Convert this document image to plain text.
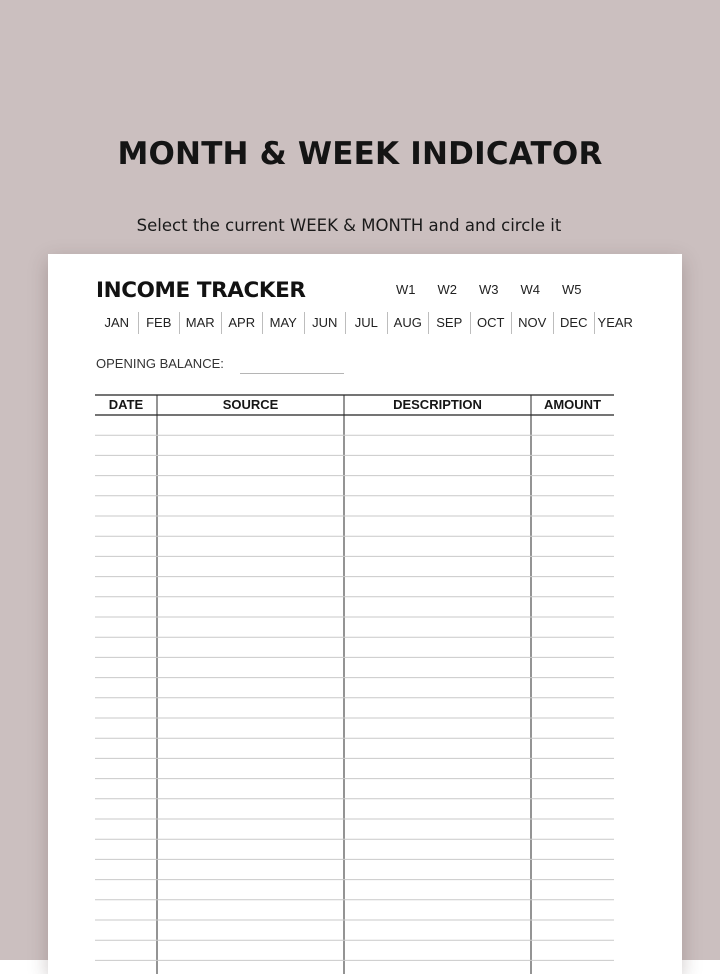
MONTH & WEEK INDICATOR

Select the current WEEK & MONTH and and circle it

INCOME TRACKER	W1	W2	W3	W4	W5
JAN	FEB	MAR	APR	MAY	JUN	JUL	AUG	SEP	OCT	NOV	DEC YEAR
OPENING BALANCE:
DATE	SOURCE	DESCRIPTION	AMOUNT
